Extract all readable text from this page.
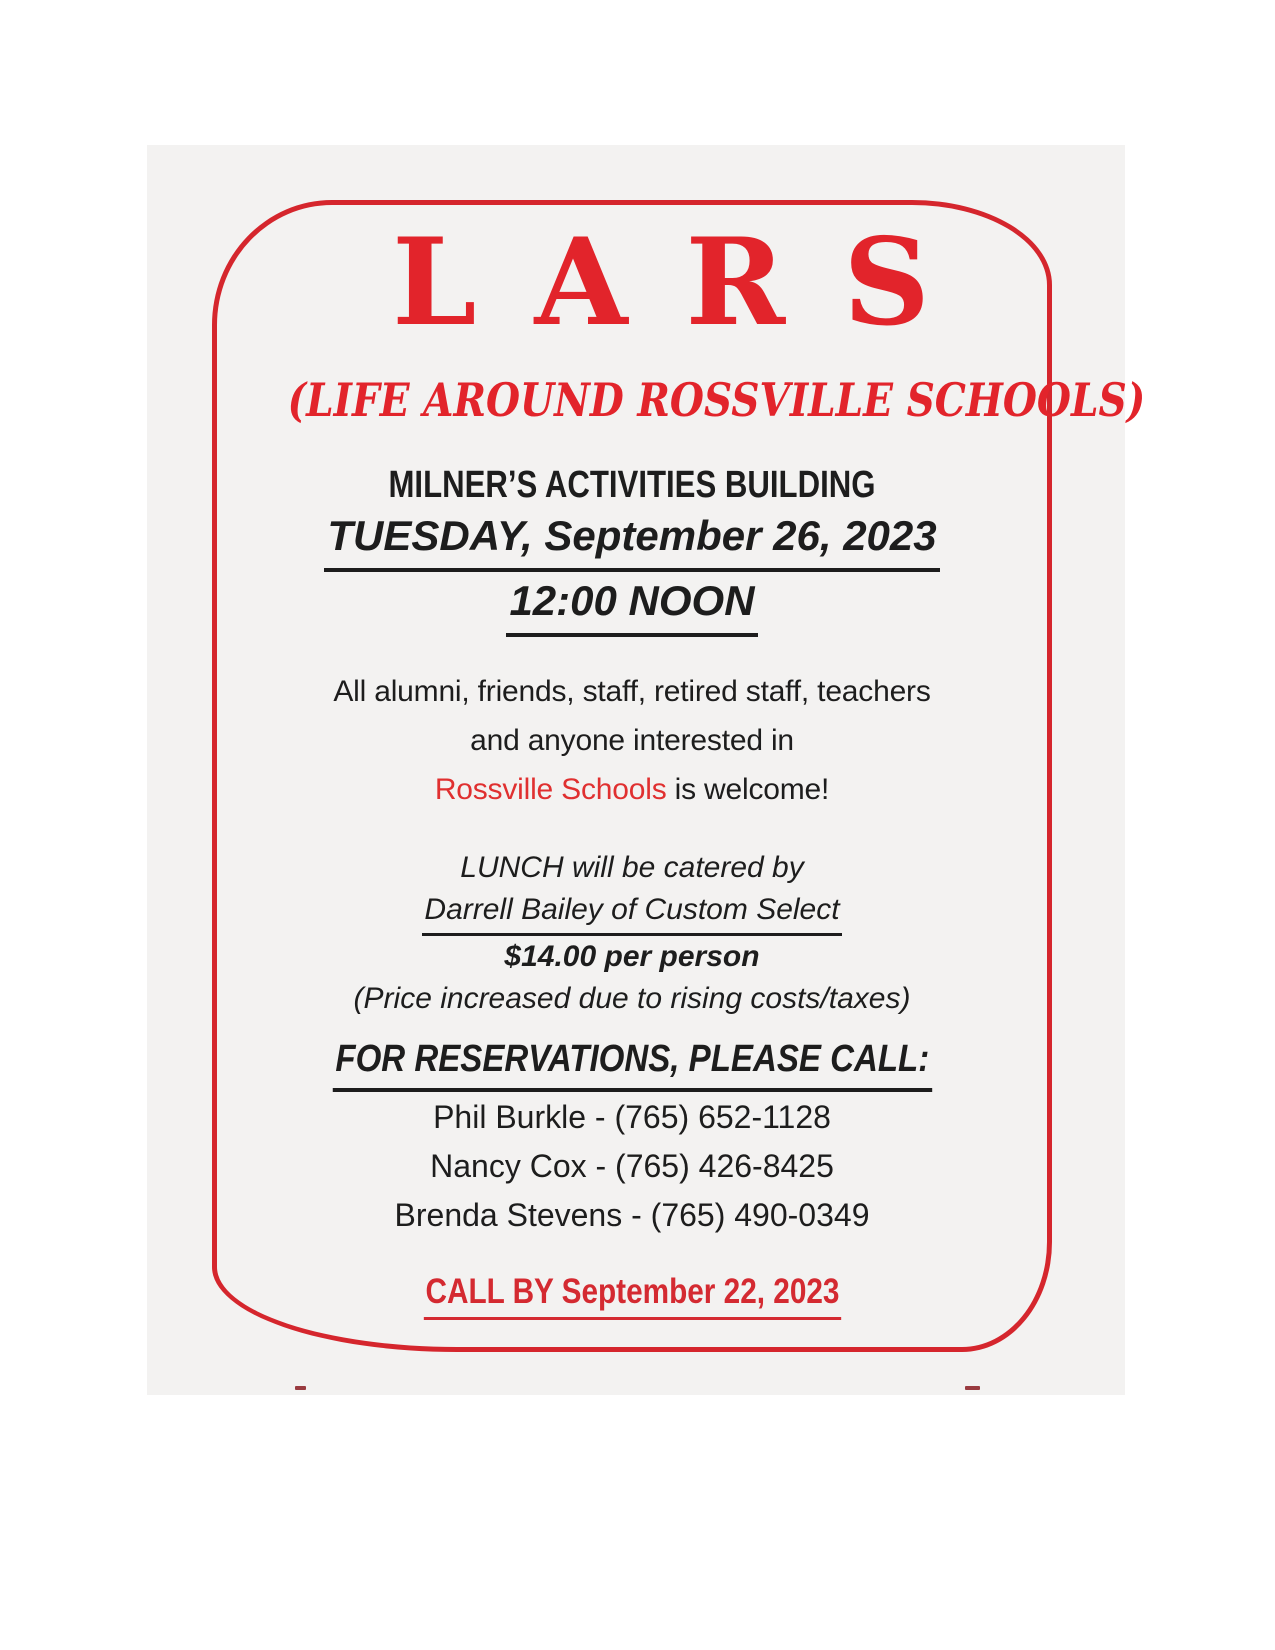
LARS
(LIFE AROUND ROSSVILLE SCHOOLS)
MILNER’S ACTIVITIES BUILDING
TUESDAY, September 26, 2023
12:00 NOON
All alumni, friends, staff, retired staff, teachers
and anyone interested in
Rossville Schools is welcome!
LUNCH will be catered by
Darrell Bailey of Custom Select
$14.00 per person
(Price increased due to rising costs/taxes)
FOR RESERVATIONS, PLEASE CALL:
Phil Burkle - (765) 652-1128
Nancy Cox - (765) 426-8425
Brenda Stevens - (765) 490-0349
CALL BY September 22, 2023
